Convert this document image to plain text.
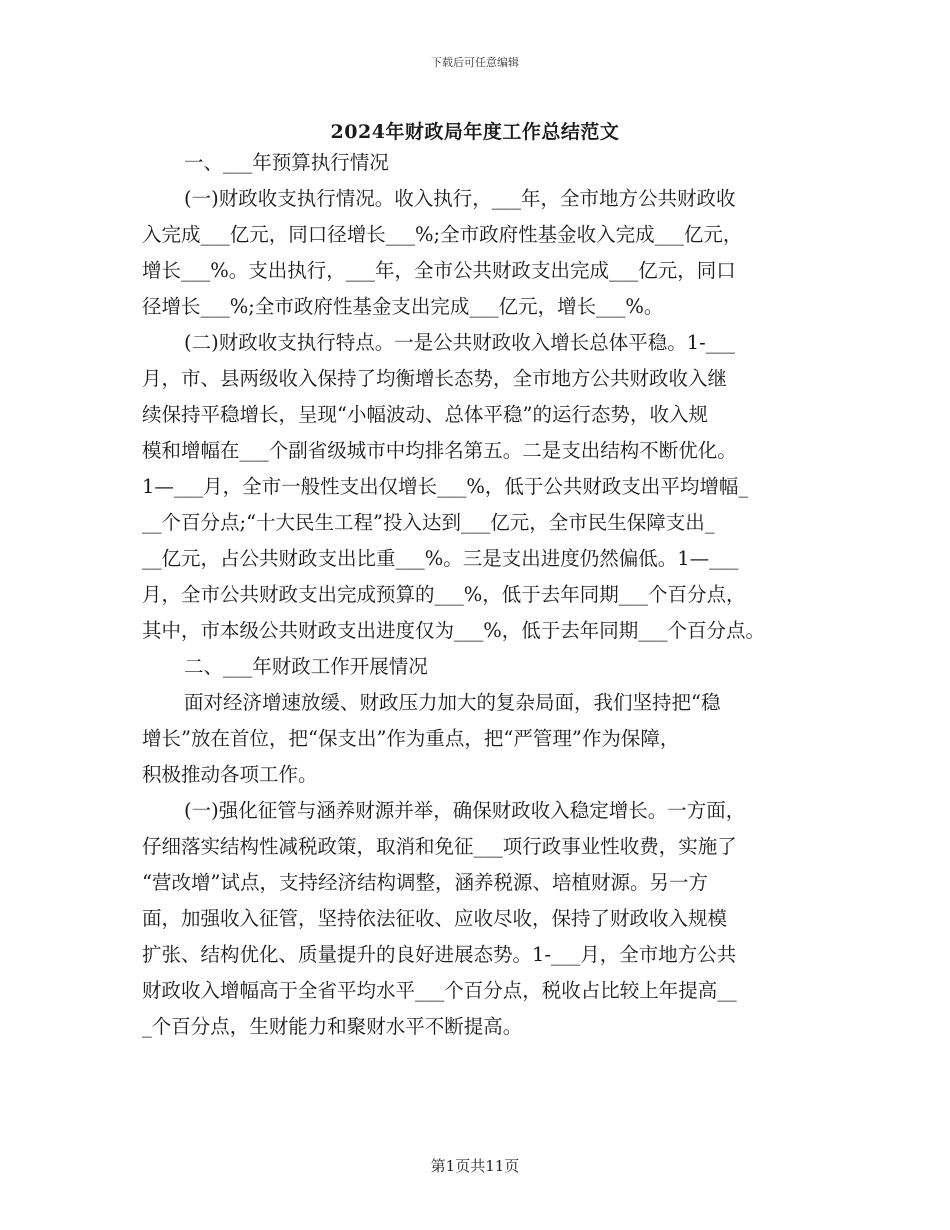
下载后可任意编辑
2024年财政局年度工作总结范文
一、___年预算执行情况
(一)财政收支执行情况。收入执行，___年，全市地方公共财政收
入完成___亿元，同口径增长___%;全市政府性基金收入完成___亿元，
增长___%。支出执行，___年，全市公共财政支出完成___亿元，同口
径增长___%;全市政府性基金支出完成___亿元，增长___%。
(二)财政收支执行特点。一是公共财政收入增长总体平稳。1-___
月，市、县两级收入保持了均衡增长态势，全市地方公共财政收入继
续保持平稳增长，呈现“小幅波动、总体平稳”的运行态势，收入规
模和增幅在___个副省级城市中均排名第五。二是支出结构不断优化。
1—___月，全市一般性支出仅增长___%，低于公共财政支出平均增幅_
__个百分点;“十大民生工程”投入达到___亿元，全市民生保障支出_
__亿元，占公共财政支出比重___%。三是支出进度仍然偏低。1—___
月，全市公共财政支出完成预算的___%，低于去年同期___个百分点，
其中，市本级公共财政支出进度仅为___%，低于去年同期___个百分点。
二、___年财政工作开展情况
面对经济增速放缓、财政压力加大的复杂局面，我们坚持把“稳
增长”放在首位，把“保支出”作为重点，把“严管理”作为保障，
积极推动各项工作。
(一)强化征管与涵养财源并举，确保财政收入稳定增长。一方面，
仔细落实结构性减税政策，取消和免征___项行政事业性收费，实施了
“营改增”试点，支持经济结构调整，涵养税源、培植财源。另一方
面，加强收入征管，坚持依法征收、应收尽收，保持了财政收入规模
扩张、结构优化、质量提升的良好进展态势。1-___月，全市地方公共
财政收入增幅高于全省平均水平___个百分点，税收占比较上年提高__
_个百分点，生财能力和聚财水平不断提高。
第1页共11页
